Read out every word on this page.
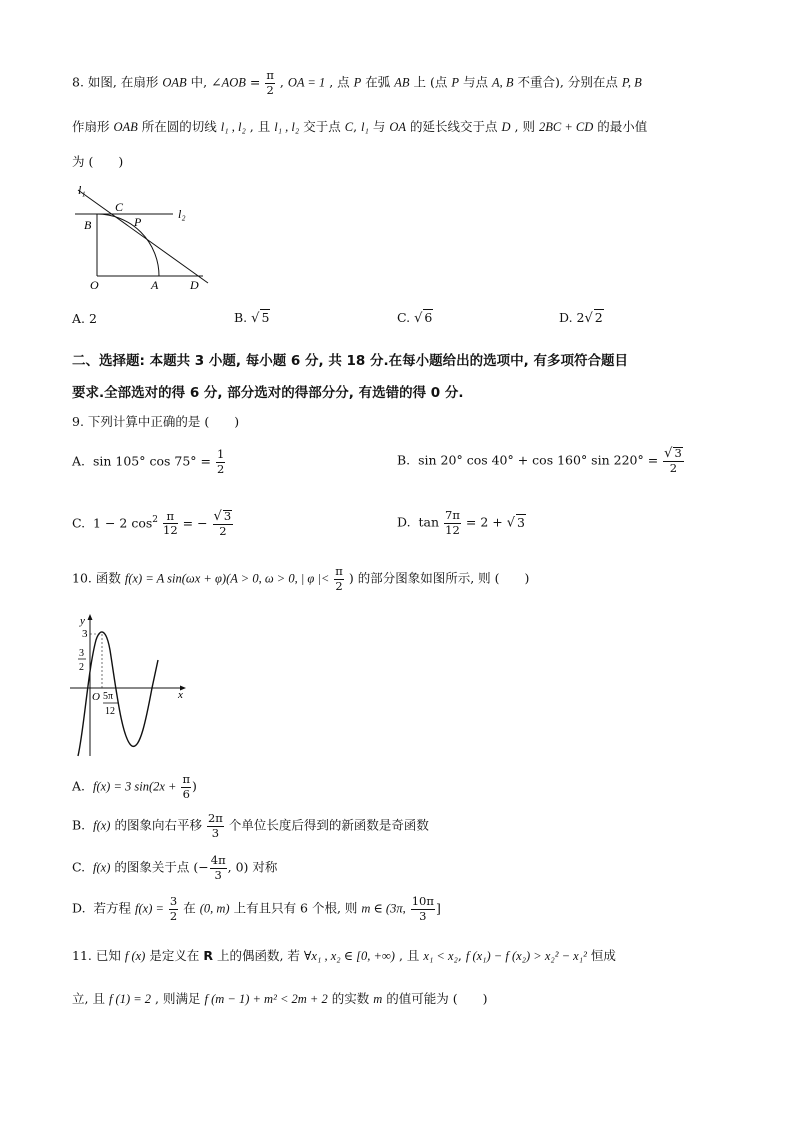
8. 如图, 在扇形 OAB 中, ∠AOB = $\frac{\pi}{2}$ , OA = 1 , 点 P 在弧 AB 上 (点 P 与点 A, B 不重合), 分别在点 P, B
作扇形 OAB 所在圆的切线 l₁ , l₂ , 且 l₁ , l₂ 交于点 C, l₁ 与 OA 的延长线交于点 D , 则 2BC + CD 的最小值
为 (　　)
l₁
l₂
B
C
P
O	A	D
A. 2	B. √ 5	C. √ 6	D. 2√ 2
二、选择题: 本题共 3 小题, 每小题 6 分, 共 18 分.在每小题给出的选项中, 有多项符合题目
要求.全部选对的得 6 分, 部分选对的得部分分, 有选错的得 0 分.
9. 下列计算中正确的是 (　　)
A. sin 105° $\cos 75^\circ = \frac{1}{2}$	B. sin 20° cos 40° + cos 160° $\sin 220^\circ = \frac{√ 3}{2}$
C. 1 − 2 $\cos^2 \frac{\pi}{12}$ = − $\frac{√ 3}{2}$	D. $\tan \frac{7\pi}{12} = 2$ + √ 3
10. 函数 f(x) = A sin(ωx + φ)(A > 0, ω > 0, | φ |< $\frac{\pi}{2}$ ) 的部分图象如图所示, 则 (　　)
y
x
3
3
2
O 5π
12
A. f(x) = 3 $\sin(2x + \frac{\pi}{6}$ )
B. f(x) 的图象向右平移 $\frac{2\pi}{3}$ 个单位长度后得到的新函数是奇函数
C. f(x) 的图象关于点 (− $\frac{4\pi}{3}$ , 0) 对称
D. 若方程 $f(x) = \frac{3}{2}$ 在 (0, m) 上有且只有 6 个根, 则 m ∈ (3π, $\frac{10\pi}{3}$ ]
11. 已知 f (x) 是定义在 R 上的偶函数, 若 ∀x₁ , x₂ ∈ [0, +∞) , 且 x₁ < x₂, f (x₁) − f (x₂) > x₂² − x₁² 恒成
立, 且 f (1) = 2 , 则满足 f (m − 1) + m² < 2m + 2 的实数 m 的值可能为 (　　)
